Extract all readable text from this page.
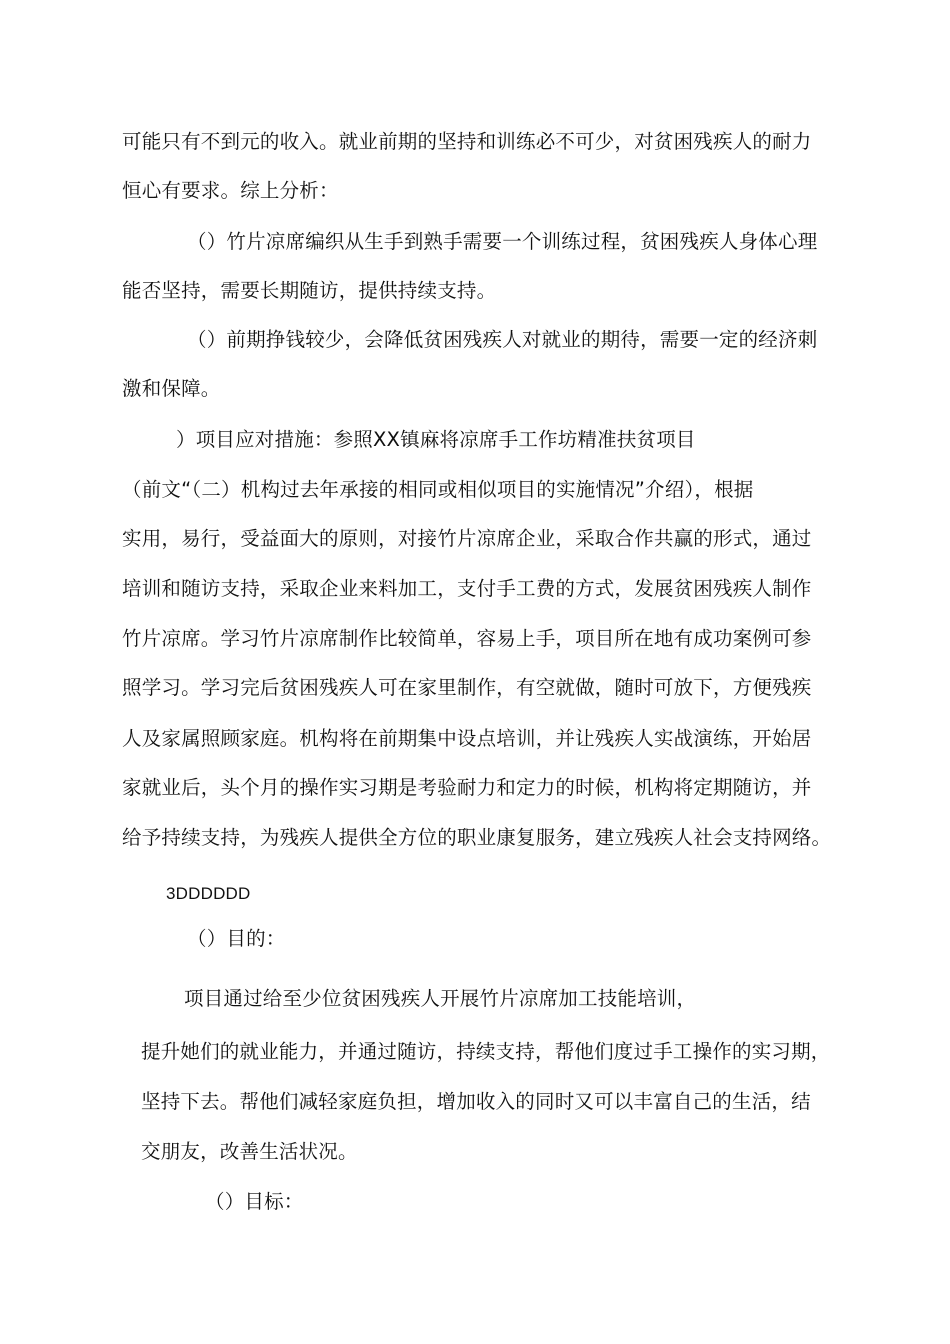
可能只有不到元的收入。就业前期的坚持和训练必不可少，对贫困残疾人的耐力

恒心有要求。综上分析：

（）竹片凉席编织从生手到熟手需要一个训练过程，贫困残疾人身体心理

能否坚持，需要长期随访，提供持续支持。

（）前期挣钱较少，会降低贫困残疾人对就业的期待，需要一定的经济刺

激和保障。

）项目应对措施：参照XX镇麻将凉席手工作坊精准扶贫项目

（前文“（二）机构过去年承接的相同或相似项目的实施情况”介绍），根据

实用，易行，受益面大的原则，对接竹片凉席企业，采取合作共赢的形式，通过

培训和随访支持，采取企业来料加工，支付手工费的方式，发展贫困残疾人制作

竹片凉席。学习竹片凉席制作比较简单，容易上手，项目所在地有成功案例可参

照学习。学习完后贫困残疾人可在家里制作，有空就做，随时可放下，方便残疾

人及家属照顾家庭。机构将在前期集中设点培训，并让残疾人实战演练，开始居

家就业后，头个月的操作实习期是考验耐力和定力的时候，机构将定期随访，并

给予持续支持，为残疾人提供全方位的职业康复服务，建立残疾人社会支持网络。

3DDDDDD

（）目的：

项目通过给至少位贫困残疾人开展竹片凉席加工技能培训，

提升她们的就业能力，并通过随访，持续支持，帮他们度过手工操作的实习期，

坚持下去。帮他们减轻家庭负担，增加收入的同时又可以丰富自己的生活，结

交朋友，改善生活状况。

（）目标：
